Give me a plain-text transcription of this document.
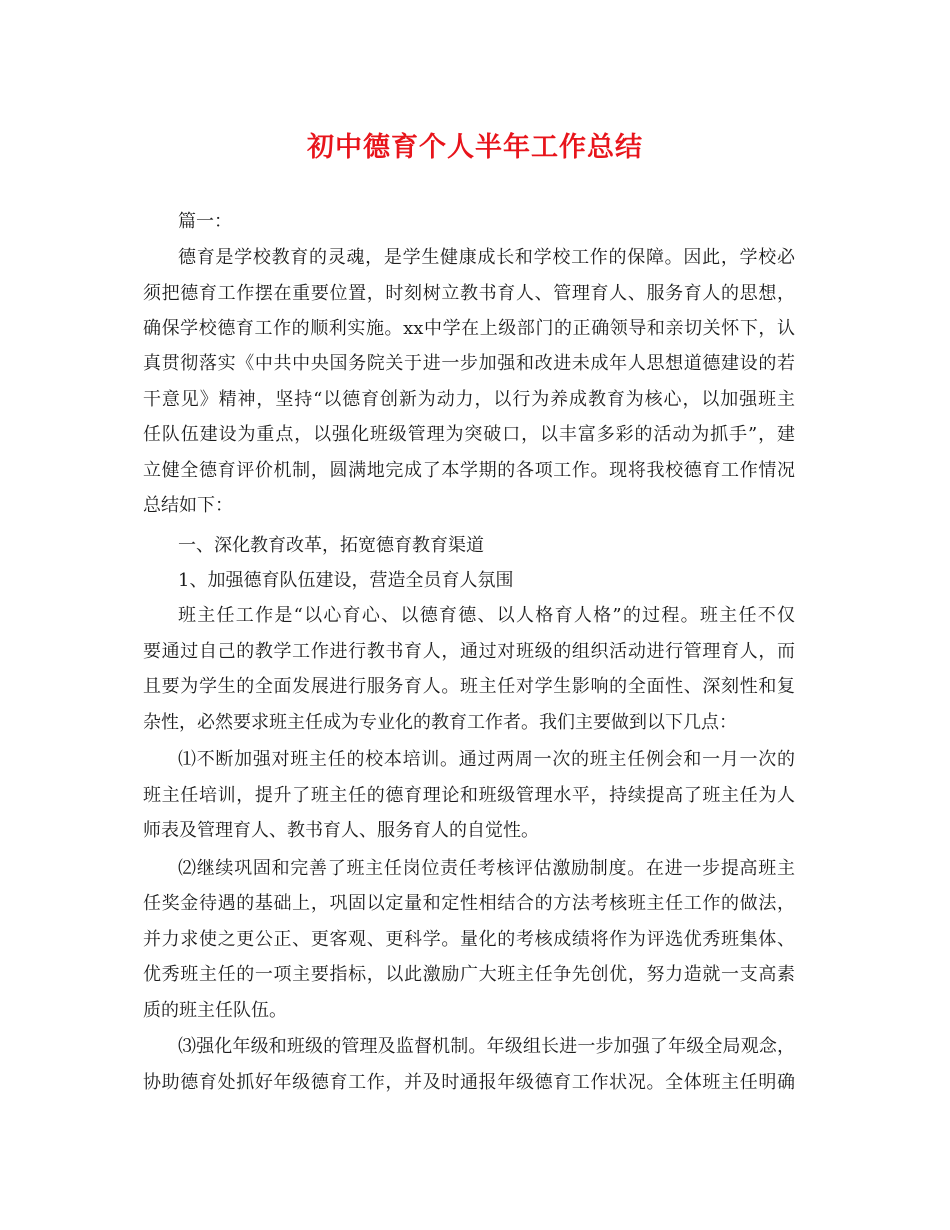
初中德育个人半年工作总结
篇一：
德育是学校教育的灵魂，是学生健康成长和学校工作的保障。因此，学校必
须把德育工作摆在重要位置，时刻树立教书育人、管理育人、服务育人的思想，
确保学校德育工作的顺利实施。xx中学在上级部门的正确领导和亲切关怀下，认
真贯彻落实《中共中央国务院关于进一步加强和改进未成年人思想道德建设的若
干意见》精神，坚持“以德育创新为动力，以行为养成教育为核心，以加强班主
任队伍建设为重点，以强化班级管理为突破口，以丰富多彩的活动为抓手”，建
立健全德育评价机制，圆满地完成了本学期的各项工作。现将我校德育工作情况
总结如下：
一、深化教育改革，拓宽德育教育渠道
1、加强德育队伍建设，营造全员育人氛围
班主任工作是“以心育心、以德育德、以人格育人格”的过程。班主任不仅
要通过自己的教学工作进行教书育人，通过对班级的组织活动进行管理育人，而
且要为学生的全面发展进行服务育人。班主任对学生影响的全面性、深刻性和复
杂性，必然要求班主任成为专业化的教育工作者。我们主要做到以下几点：
⑴不断加强对班主任的校本培训。通过两周一次的班主任例会和一月一次的
班主任培训，提升了班主任的德育理论和班级管理水平，持续提高了班主任为人
师表及管理育人、教书育人、服务育人的自觉性。
⑵继续巩固和完善了班主任岗位责任考核评估激励制度。在进一步提高班主
任奖金待遇的基础上，巩固以定量和定性相结合的方法考核班主任工作的做法，
并力求使之更公正、更客观、更科学。量化的考核成绩将作为评选优秀班集体、
优秀班主任的一项主要指标，以此激励广大班主任争先创优，努力造就一支高素
质的班主任队伍。
⑶强化年级和班级的管理及监督机制。年级组长进一步加强了年级全局观念，
协助德育处抓好年级德育工作，并及时通报年级德育工作状况。全体班主任明确
